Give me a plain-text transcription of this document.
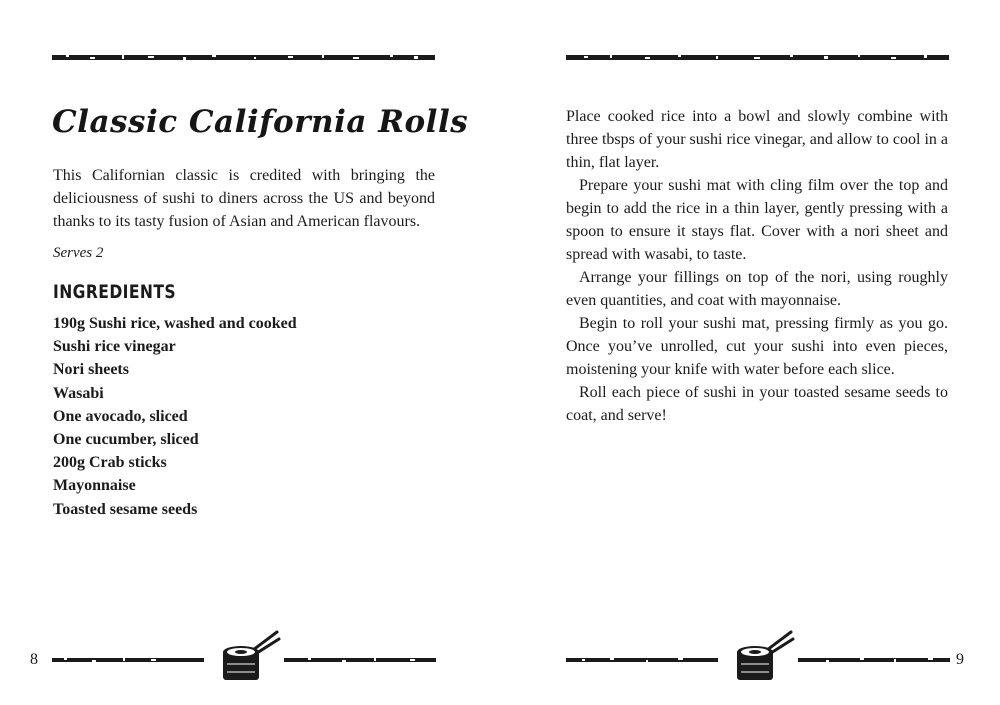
Classic California Rolls

This Californian classic is credited with bringing the deliciousness of sushi to diners across the US and beyond thanks to its tasty fusion of Asian and American flavours.

Serves 2

INGREDIENTS
190g Sushi rice, washed and cooked
Sushi rice vinegar
Nori sheets
Wasabi
One avocado, sliced
One cucumber, sliced
200g Crab sticks
Mayonnaise
Toasted sesame seeds
8

Place cooked rice into a bowl and slowly combine with three tbsps of your sushi rice vinegar, and allow to cool in a thin, flat layer.

Prepare your sushi mat with cling film over the top and begin to add the rice in a thin layer, gently pressing with a spoon to ensure it stays flat. Cover with a nori sheet and spread with wasabi, to taste.

Arrange your fillings on top of the nori, using roughly even quantities, and coat with mayonnaise.

Begin to roll your sushi mat, pressing firmly as you go. Once you’ve unrolled, cut your sushi into even pieces, moistening your knife with water before each slice.

Roll each piece of sushi in your toasted sesame seeds to coat, and serve!

9
